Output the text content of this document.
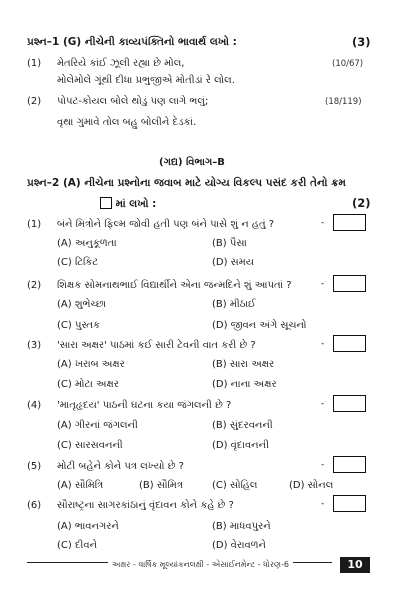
પ્રશ્ન–1 (G) નીચેની કાવ્યપંક્તિનો ભાવાર્થ લખો :	(3)
(1) મેતરિયે કાંઈ ઝૂલી રહ્યા છે મોલ,	(10/67)
મોલેમોલે ગૂંથી દીધા પ્રભુજીએ મોતીડાં રે લોલ.
(2) પોપટ-કોયલ બોલે થોડું પણ લાગે ભલું;	(18/119)
વૃથા ગુમાવે તોલ બહુ બોલીને દેડકાં.
(ગદ્ય) વિભાગ–B
પ્રશ્ન–2 (A) નીચેના પ્રશ્નોના જવાબ માટે યોગ્ય વિકલ્પ પસંદ કરી તેનો ક્રમ
માં લખો :	(2)
(1) બંને મિત્રોને ફિલ્મ જોવી હતી પણ બંને પાસે શું ન હતું ?	-
(A) અનુકૂળતા	(B) પૈસા
(C) ટિકિટ	(D) સમય
(2) શિક્ષક સોમનાથભાઈ વિદ્યાર્થીને એના જન્મદિને શું આપતાં ?	-
(A) શુભેચ્છા	(B) મીઠાઈ
(C) પુસ્તક	(D) જીવન અંગે સૂચનો
(3) 'સારા અક્ષર' પાઠમાં કઈ સારી ટેવની વાત કરી છે ?	-
(A) ખરાબ અક્ષર	(B) સારા અક્ષર
(C) મોટા અક્ષર	(D) નાના અક્ષર
(4) 'માતૃહૃદય' પાઠની ઘટના કયા જંગલની છે ?	-
(A) ગીરનાં જંગલની	(B) સુંદરવનની
(C) સારસવનની	(D) વૃંદાવનની
(5) મોટી બહેને કોને પત્ર લખ્યો છે ?	-
(A) સૌમિત્રિ	(B) સૌમિત્ર	(C) સોહિલ	(D) સોનલ
(6) સૌરાષ્ટ્રના સાગરકાંઠાનું વૃંદાવન કોને કહે છે ?	-
(A) ભાવનગરને	(B) માધવપુરને
(C) દીવને	(D) વેરાવળને
અક્ષર - વાર્ષિક મૂલ્યાંકનલક્ષી - એસાઈનમેન્ટ - ધોરણ-6	10
